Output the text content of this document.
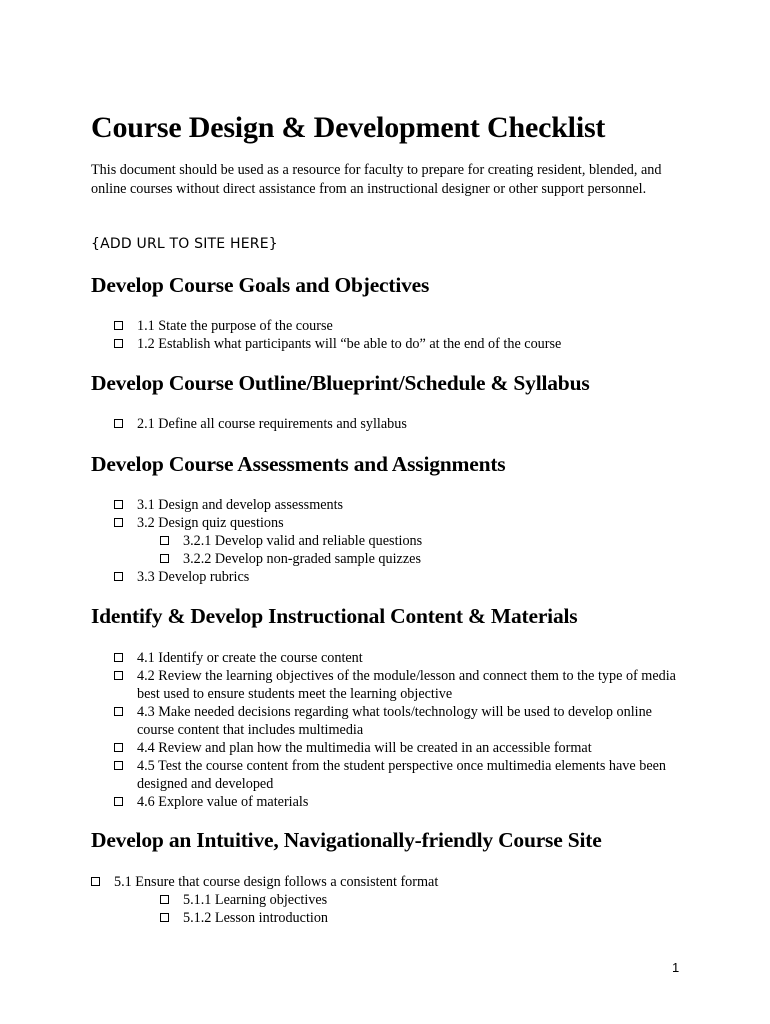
Course Design & Development Checklist

This document should be used as a resource for faculty to prepare for creating resident, blended, and online courses without direct assistance from an instructional designer or other support personnel.

{ADD URL TO SITE HERE}

Develop Course Goals and Objectives
1.1 State the purpose of the course
1.2 Establish what participants will “be able to do” at the end of the course
Develop Course Outline/Blueprint/Schedule & Syllabus
2.1 Define all course requirements and syllabus
Develop Course Assessments and Assignments
3.1 Design and develop assessments
3.2 Design quiz questions
3.2.1 Develop valid and reliable questions
3.2.2 Develop non-graded sample quizzes
3.3 Develop rubrics
Identify & Develop Instructional Content & Materials
4.1 Identify or create the course content
4.2 Review the learning objectives of the module/lesson and connect them to the type of media best used to ensure students meet the learning objective
4.3 Make needed decisions regarding what tools/technology will be used to develop online course content that includes multimedia
4.4 Review and plan how the multimedia will be created in an accessible format
4.5 Test the course content from the student perspective once multimedia elements have been designed and developed
4.6 Explore value of materials
Develop an Intuitive, Navigationally-friendly Course Site
5.1 Ensure that course design follows a consistent format
5.1.1 Learning objectives
5.1.2 Lesson introduction
1
